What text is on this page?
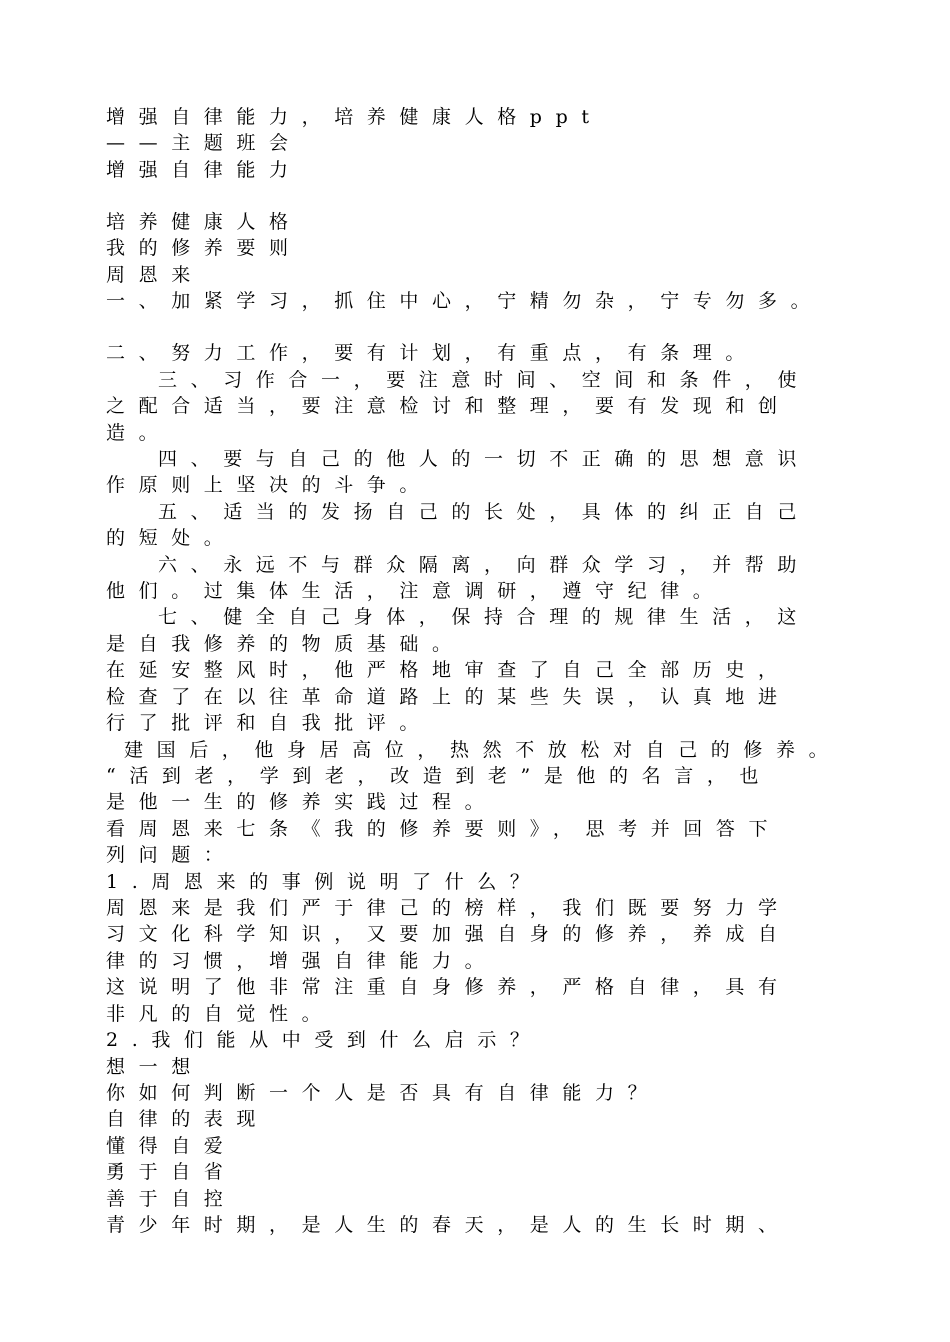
增强自律能力，培养健康人格ppt
——主题班会
增强自律能力
培养健康人格
我的修养要则
周恩来
一、加紧学习，抓住中心，宁精勿杂，宁专勿多。
二、努力工作，要有计划，有重点，有条理。
三、习作合一，要注意时间、空间和条件，使
之配合适当，要注意检讨和整理，要有发现和创
造。
四、要与自己的他人的一切不正确的思想意识
作原则上坚决的斗争。
五、适当的发扬自己的长处，具体的纠正自己
的短处。
六、永远不与群众隔离，向群众学习，并帮助
他们。过集体生活，注意调研，遵守纪律。
七、健全自己身体，保持合理的规律生活，这
是自我修养的物质基础。
在延安整风时，他严格地审查了自己全部历史，
检查了在以往革命道路上的某些失误，认真地进
行了批评和自我批评。
建国后，他身居高位，热然不放松对自己的修养。
“活到老，学到老，改造到老”是他的名言，也
是他一生的修养实践过程。
看周恩来七条《我的修养要则》，思考并回答下
列问题：
1.周恩来的事例说明了什么？
周恩来是我们严于律己的榜样，我们既要努力学
习文化科学知识，又要加强自身的修养，养成自
律的习惯，增强自律能力。
这说明了他非常注重自身修养，严格自律，具有
非凡的自觉性。
2.我们能从中受到什么启示？
想一想
你如何判断一个人是否具有自律能力？
自律的表现
懂得自爱
勇于自省
善于自控
青少年时期，是人生的春天，是人的生长时期、
